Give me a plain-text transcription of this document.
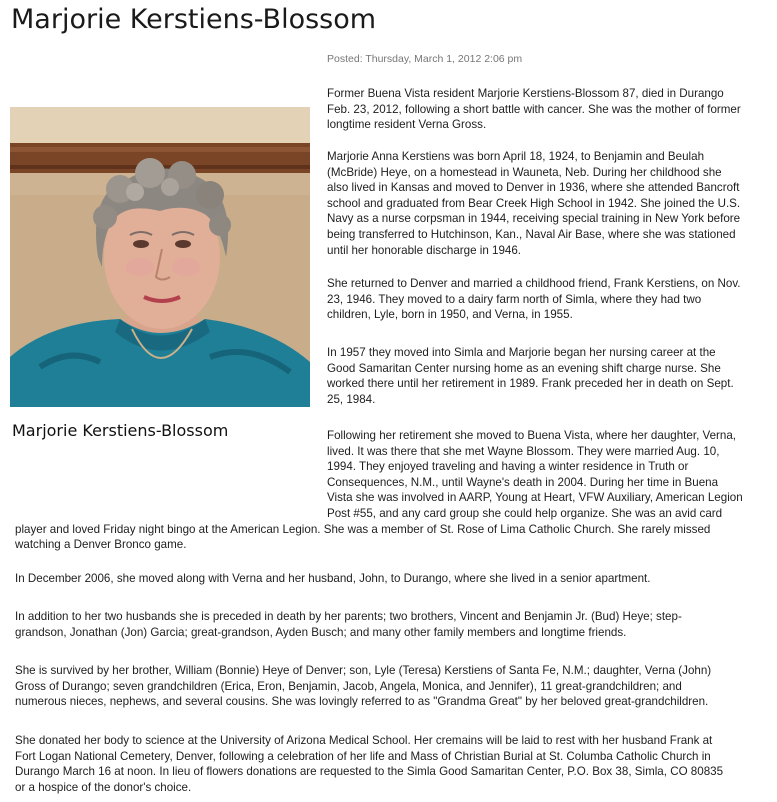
Marjorie Kerstiens-Blossom
Posted: Thursday, March 1, 2012 2:06 pm
Marjorie Kerstiens-Blossom

Former Buena Vista resident Marjorie Kerstiens-Blossom 87, died in Durango
Feb. 23, 2012, following a short battle with cancer. She was the mother of former
longtime resident Verna Gross.

Marjorie Anna Kerstiens was born April 18, 1924, to Benjamin and Beulah
(McBride) Heye, on a homestead in Wauneta, Neb. During her childhood she
also lived in Kansas and moved to Denver in 1936, where she attended Bancroft
school and graduated from Bear Creek High School in 1942. She joined the U.S.
Navy as a nurse corpsman in 1944, receiving special training in New York before
being transferred to Hutchinson, Kan., Naval Air Base, where she was stationed
until her honorable discharge in 1946.

She returned to Denver and married a childhood friend, Frank Kerstiens, on Nov.
23, 1946. They moved to a dairy farm north of Simla, where they had two
children, Lyle, born in 1950, and Verna, in 1955.

In 1957 they moved into Simla and Marjorie began her nursing career at the
Good Samaritan Center nursing home as an evening shift charge nurse. She
worked there until her retirement in 1989. Frank preceded her in death on Sept.
25, 1984.

Following her retirement she moved to Buena Vista, where her daughter, Verna,
lived. It was there that she met Wayne Blossom. They were married Aug. 10,
1994. They enjoyed traveling and having a winter residence in Truth or
Consequences, N.M., until Wayne's death in 2004. During her time in Buena
Vista she was involved in AARP, Young at Heart, VFW Auxiliary, American Legion
Post #55, and any card group she could help organize. She was an avid card
player and loved Friday night bingo at the American Legion. She was a member of St. Rose of Lima Catholic Church. She rarely missed
watching a Denver Bronco game.

In December 2006, she moved along with Verna and her husband, John, to Durango, where she lived in a senior apartment.

In addition to her two husbands she is preceded in death by her parents; two brothers, Vincent and Benjamin Jr. (Bud) Heye; step-
grandson, Jonathan (Jon) Garcia; great-grandson, Ayden Busch; and many other family members and longtime friends.

She is survived by her brother, William (Bonnie) Heye of Denver; son, Lyle (Teresa) Kerstiens of Santa Fe, N.M.; daughter, Verna (John)
Gross of Durango; seven grandchildren (Erica, Eron, Benjamin, Jacob, Angela, Monica, and Jennifer), 11 great-grandchildren; and
numerous nieces, nephews, and several cousins. She was lovingly referred to as "Grandma Great" by her beloved great-grandchildren.

She donated her body to science at the University of Arizona Medical School. Her cremains will be laid to rest with her husband Frank at
Fort Logan National Cemetery, Denver, following a celebration of her life and Mass of Christian Burial at St. Columba Catholic Church in
Durango March 16 at noon. In lieu of flowers donations are requested to the Simla Good Samaritan Center, P.O. Box 38, Simla, CO 80835
or a hospice of the donor's choice.
